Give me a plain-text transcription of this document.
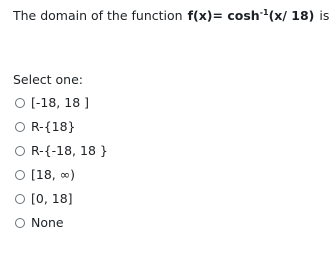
The domain of the function $f(x)= \cosh^{-1}(x/$ 18) is
Select one:
[-18, 18 ]
R-{18}
R-{-18, 18 }
[18, ∞)
[0, 18]
None
